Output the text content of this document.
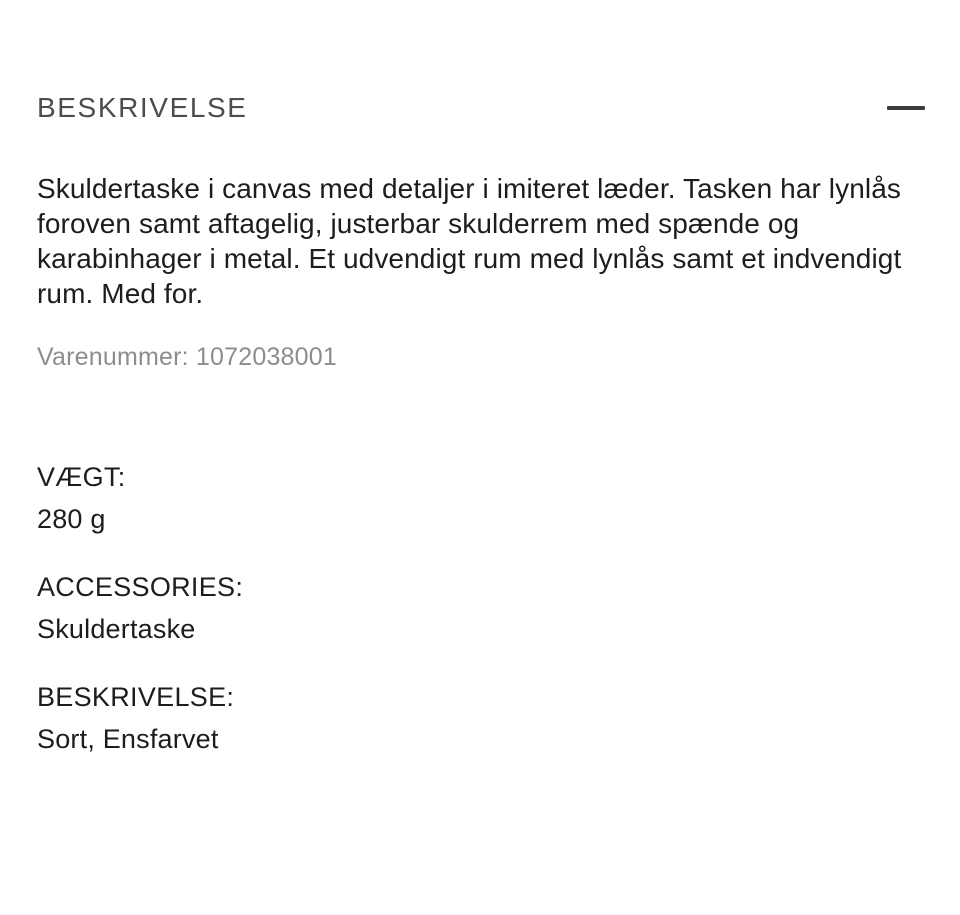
BESKRIVELSE

Skuldertaske i canvas med detaljer i imiteret læder. Tasken har lynlås foroven samt aftagelig, justerbar skulderrem med spænde og karabinhager i metal. Et udvendigt rum med lynlås samt et indvendigt rum. Med for.

Varenummer: 1072038001

VÆGT:
280 g
ACCESSORIES:
Skuldertaske
BESKRIVELSE:
Sort, Ensfarvet
